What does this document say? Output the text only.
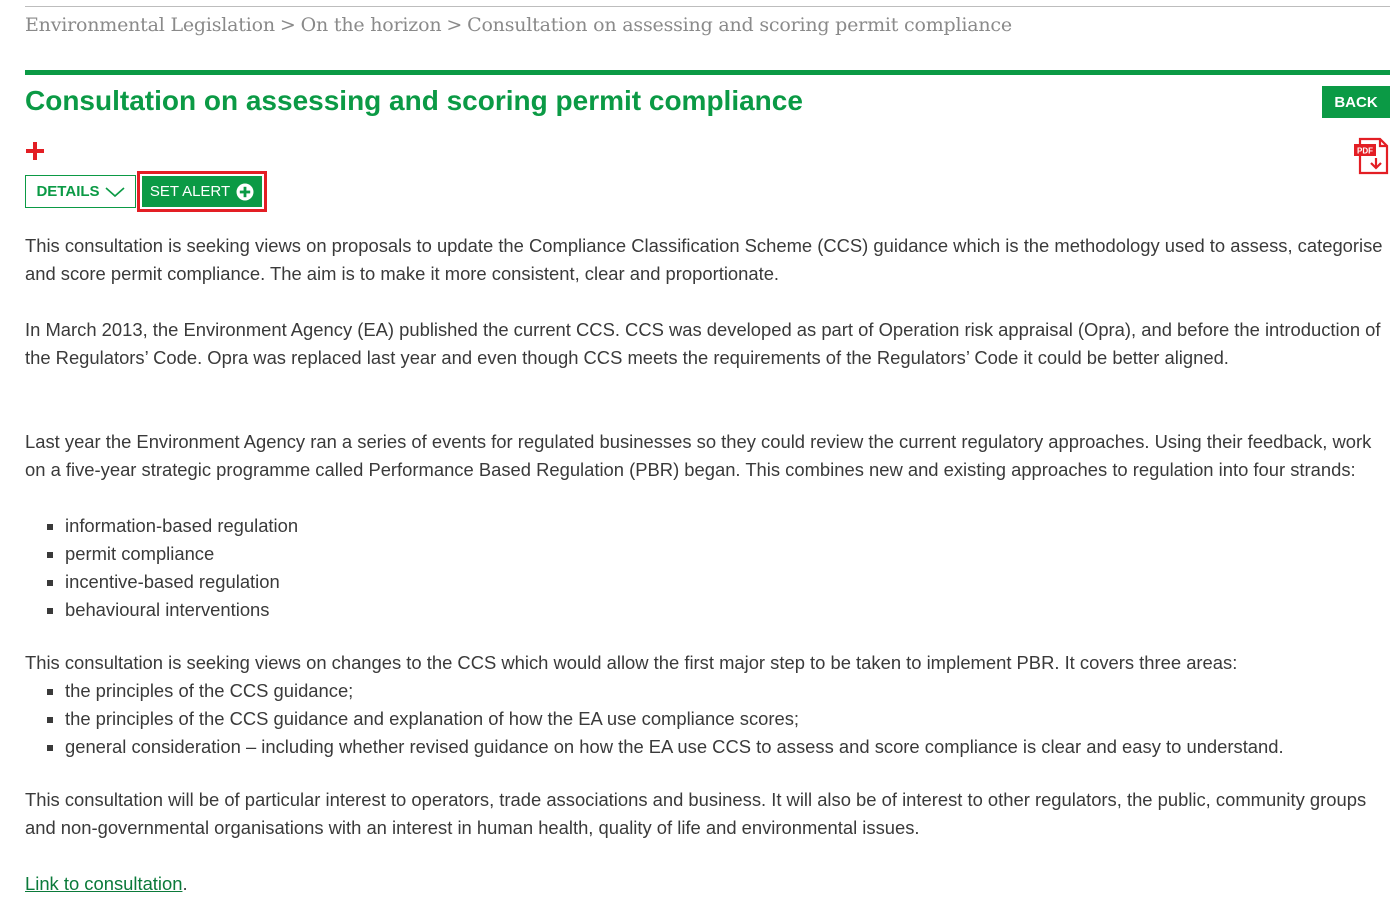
Environmental Legislation > On the horizon > Consultation on assessing and scoring permit compliance
Consultation on assessing and scoring permit compliance	BACK
PDF
DETAILS	SET ALERT

This consultation is seeking views on proposals to update the Compliance Classification Scheme (CCS) guidance which is the methodology used to assess, categorise and score permit compliance. The aim is to make it more consistent, clear and proportionate.

In March 2013, the Environment Agency (EA) published the current CCS. CCS was developed as part of Operation risk appraisal (Opra), and before the introduction of the Regulators’ Code. Opra was replaced last year and even though CCS meets the requirements of the Regulators’ Code it could be better aligned.

Last year the Environment Agency ran a series of events for regulated businesses so they could review the current regulatory approaches. Using their feedback, work on a five-year strategic programme called Performance Based Regulation (PBR) began. This combines new and existing approaches to regulation into four strands:

information-based regulation
permit compliance
incentive-based regulation
behavioural interventions

This consultation is seeking views on changes to the CCS which would allow the first major step to be taken to implement PBR. It covers three areas:

the principles of the CCS guidance;
the principles of the CCS guidance and explanation of how the EA use compliance scores;
general consideration – including whether revised guidance on how the EA use CCS to assess and score compliance is clear and easy to understand.

This consultation will be of particular interest to operators, trade associations and business. It will also be of interest to other regulators, the public, community groups and non-governmental organisations with an interest in human health, quality of life and environmental issues.

Link to consultation.
